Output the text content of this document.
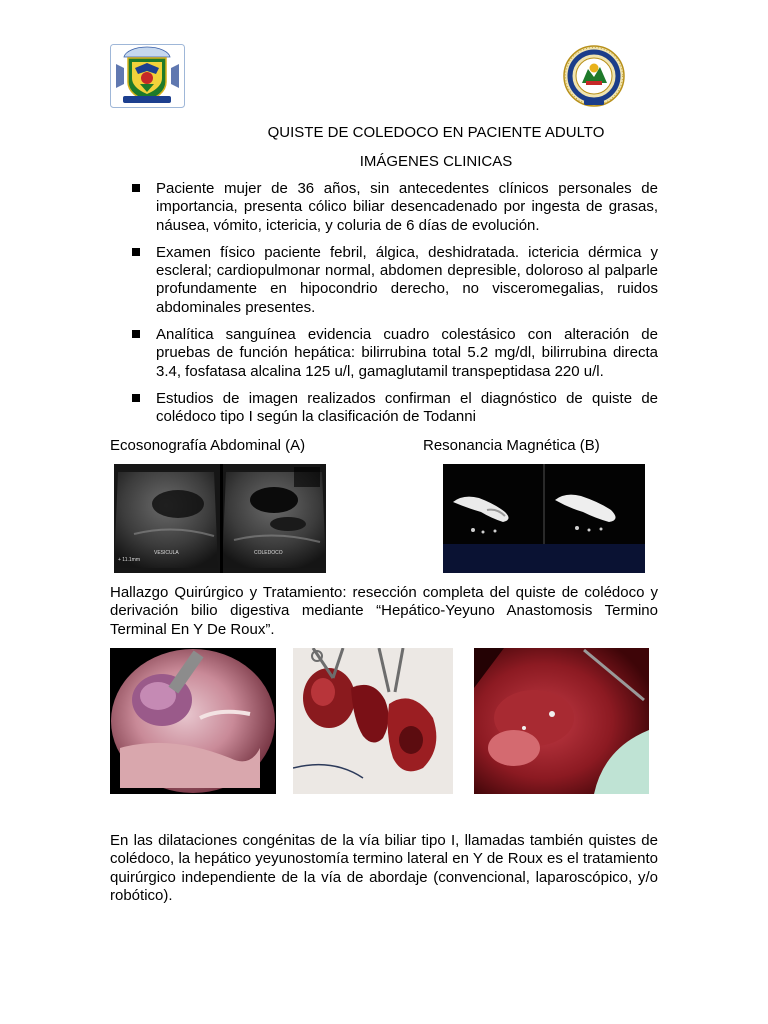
QUISTE DE COLEDOCO EN PACIENTE ADULTO
IMÁGENES CLINICAS
Paciente mujer de 36 años, sin antecedentes clínicos personales de importancia, presenta cólico biliar desencadenado por ingesta de grasas, náusea, vómito, ictericia, y coluria de 6 días de evolución.
Examen físico paciente febril, álgica, deshidratada. ictericia dérmica y escleral; cardiopulmonar normal, abdomen depresible, doloroso al palparle profundamente en hipocondrio derecho, no visceromegalias, ruidos abdominales presentes.
Analítica sanguínea evidencia cuadro colestásico con alteración de pruebas de función hepática: bilirrubina total 5.2 mg/dl, bilirrubina directa 3.4, fosfatasa alcalina 125 u/l, gamaglutamil transpeptidasa 220 u/l.
Estudios de imagen realizados confirman el diagnóstico de quiste de colédoco tipo I según la clasificación de Todanni
Ecosonografía Abdominal (A)	Resonancia Magnética (B)
+ 11.1mm
VESICULA	COLEDOCO
Hallazgo Quirúrgico y Tratamiento: resección completa del quiste de colédoco y derivación bilio digestiva mediante “Hepático-Yeyuno Anastomosis Termino Terminal En Y De Roux”.
En las dilataciones congénitas de la vía biliar tipo I, llamadas también quistes de colédoco, la hepático yeyunostomía termino lateral en Y de Roux es el tratamiento quirúrgico independiente de la vía de abordaje (convencional, laparoscópico, y/o robótico).
